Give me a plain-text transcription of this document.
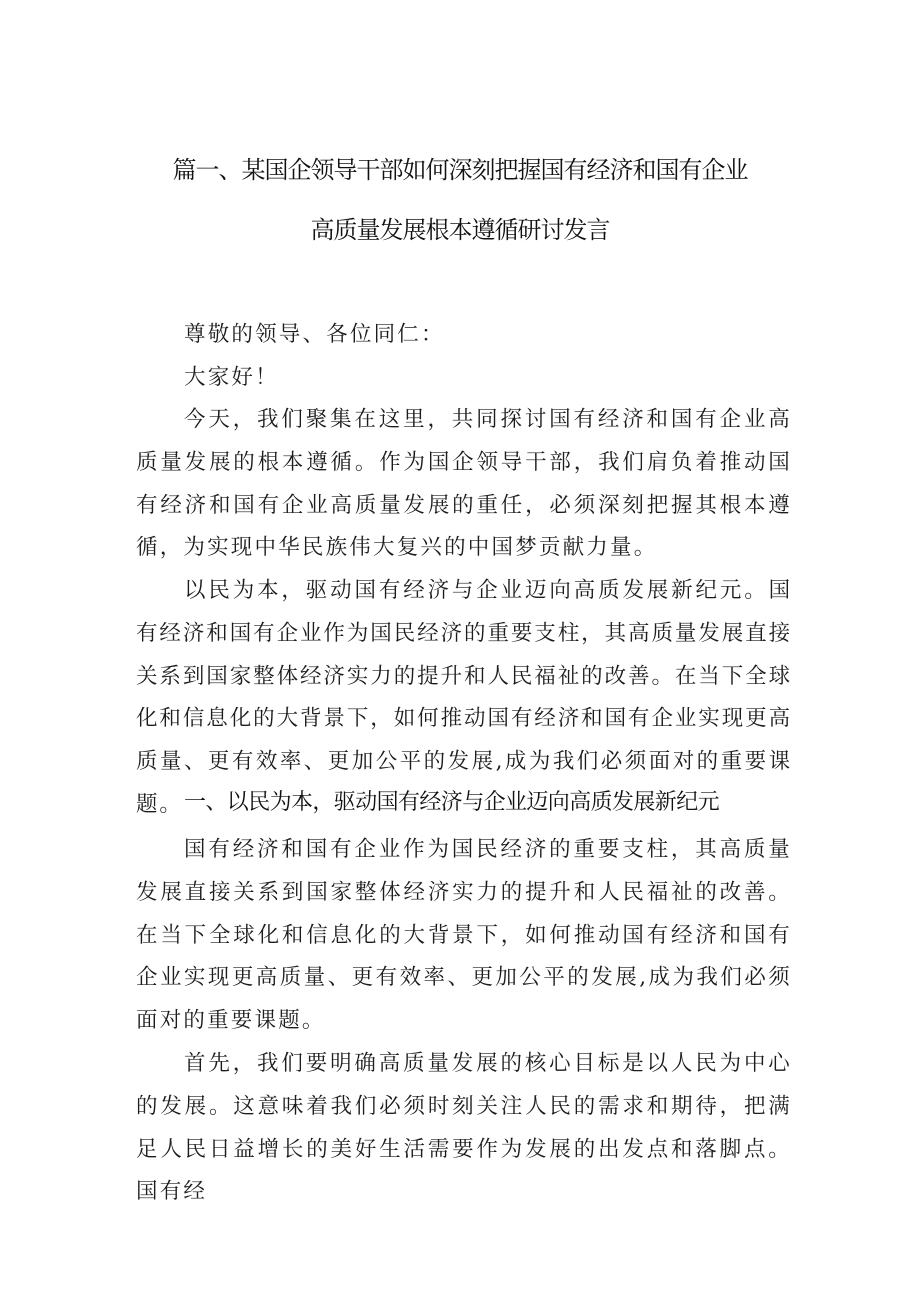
篇一、某国企领导干部如何深刻把握国有经济和国有企业
高质量发展根本遵循研讨发言
尊敬的领导、各位同仁：
大家好！

今天，我们聚集在这里，共同探讨国有经济和国有企业高质量发展的根本遵循。作为国企领导干部，我们肩负着推动国有经济和国有企业高质量发展的重任，必须深刻把握其根本遵循，为实现中华民族伟大复兴的中国梦贡献力量。

以民为本，驱动国有经济与企业迈向高质发展新纪元。国有经济和国有企业作为国民经济的重要支柱，其高质量发展直接关系到国家整体经济实力的提升和人民福祉的改善。在当下全球化和信息化的大背景下，如何推动国有经济和国有企业实现更高质量、更有效率、更加公平的发展,成为我们必须面对的重要课题。 一、以民为本，驱动国有经济与企业迈向高质发展新纪元

国有经济和国有企业作为国民经济的重要支柱，其高质量发展直接关系到国家整体经济实力的提升和人民福祉的改善。在当下全球化和信息化的大背景下，如何推动国有经济和国有企业实现更高质量、更有效率、更加公平的发展,成为我们必须面对的重要课题。

首先，我们要明确高质量发展的核心目标是以人民为中心的发展。这意味着我们必须时刻关注人民的需求和期待，把满足人民日益增长的美好生活需要作为发展的出发点和落脚点。国有经
